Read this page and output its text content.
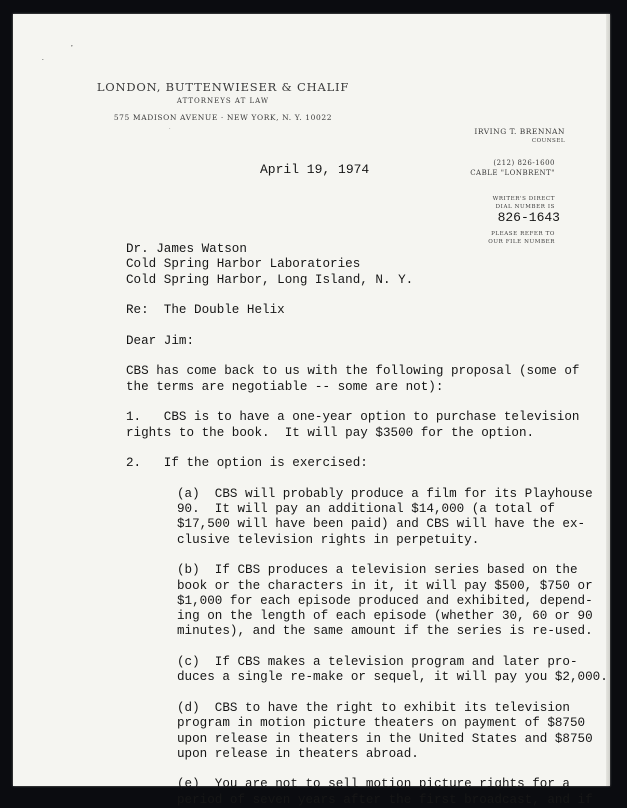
,
.
·
LONDON, BUTTENWIESER & CHALIF
ATTORNEYS AT LAW
575 MADISON AVENUE · NEW YORK, N. Y. 10022
IRVING T. BRENNAN
COUNSEL
(212) 826-1600
CABLE "LONBRENT"
WRITER'S DIRECT
DIAL NUMBER IS
826-1643
PLEASE REFER TO
OUR FILE NUMBER
April 19, 1974
Dr. James Watson
Cold Spring Harbor Laboratories
Cold Spring Harbor, Long Island, N. Y.
Re:  The Double Helix
Dear Jim:
CBS has come back to us with the following proposal (some of
the terms are negotiable -- some are not):
1.   CBS is to have a one-year option to purchase television
rights to the book.  It will pay $3500 for the option.
2.   If the option is exercised:
(a)  CBS will probably produce a film for its Playhouse
90.  It will pay an additional $14,000 (a total of
$17,500 will have been paid) and CBS will have the ex-
clusive television rights in perpetuity.
(b)  If CBS produces a television series based on the
book or the characters in it, it will pay $500, $750 or
$1,000 for each episode produced and exhibited, depend-
ing on the length of each episode (whether 30, 60 or 90
minutes), and the same amount if the series is re-used.
(c)  If CBS makes a television program and later pro-
duces a single re-make or sequel, it will pay you $2,000.
(d)  CBS to have the right to exhibit its television
program in motion picture theaters on payment of $8750
upon release in theaters in the United States and $8750
upon release in theaters abroad.
(e)  You are not to sell motion picture rights for a
period of seven years after the first broadcast, and if
